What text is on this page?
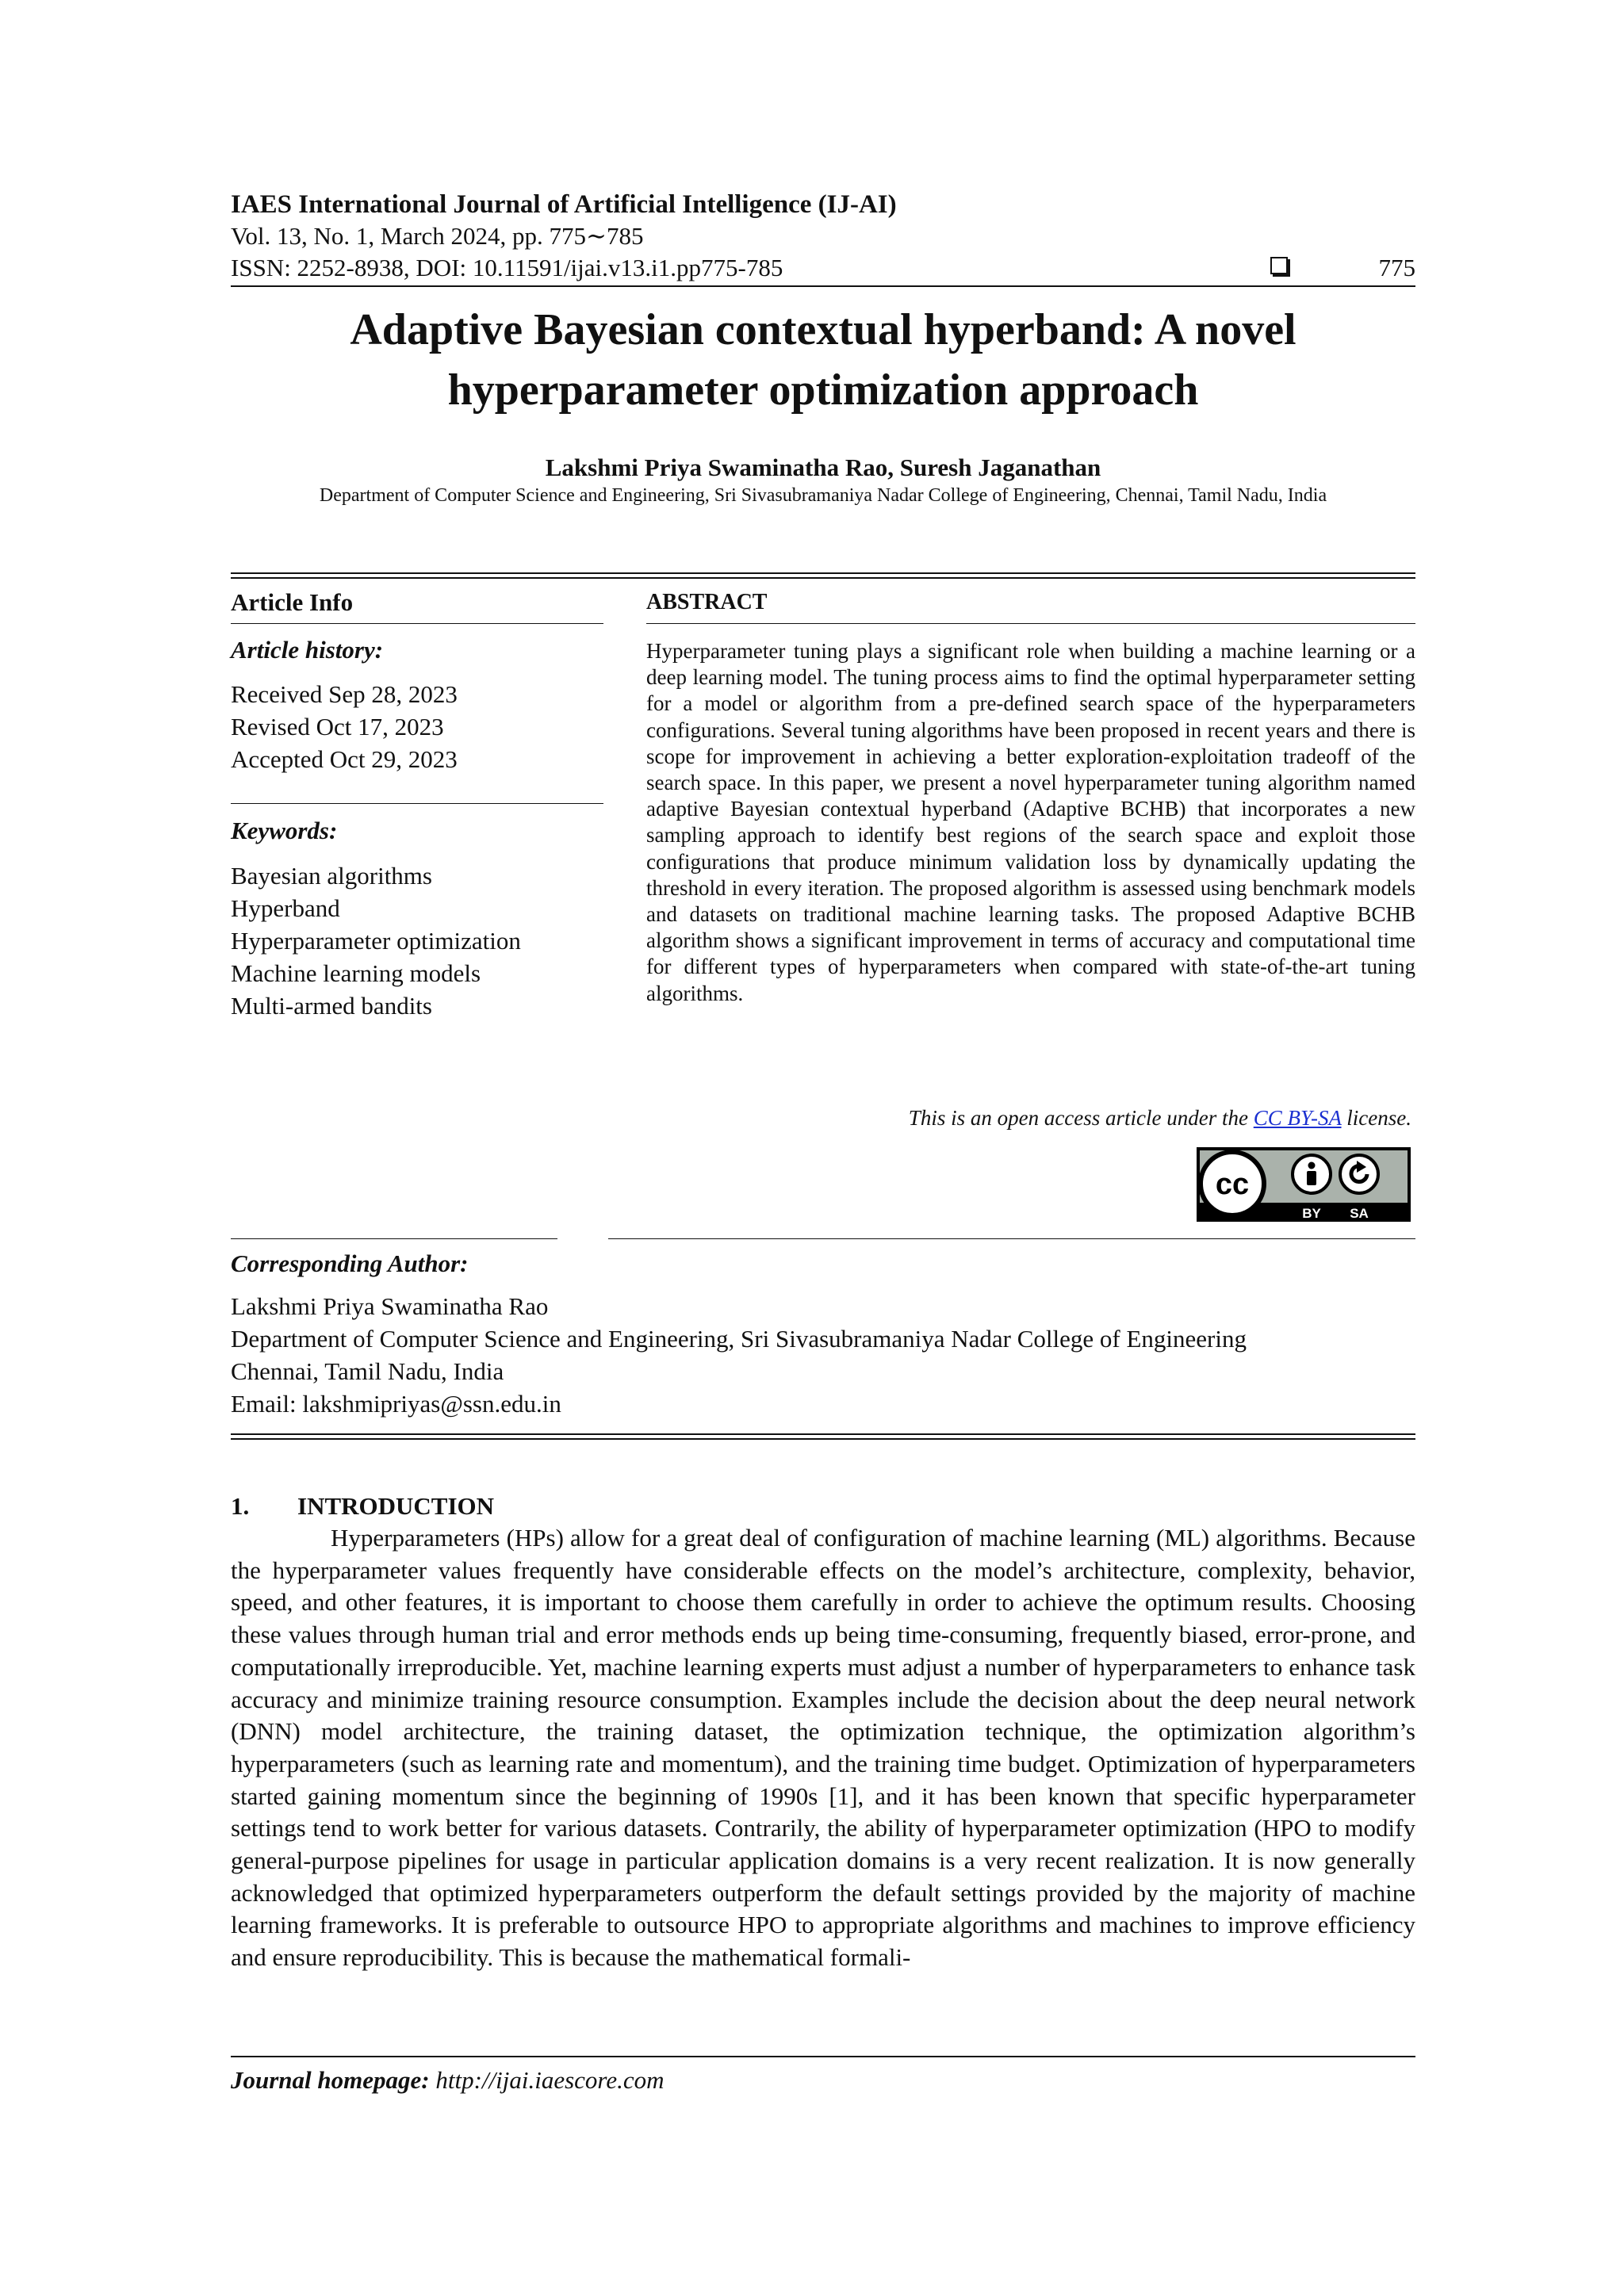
IAES International Journal of Artificial Intelligence (IJ-AI)
Vol. 13, No. 1, March 2024, pp. 775∼785
ISSN: 2252-8938, DOI: 10.11591/ijai.v13.i1.pp775-785	775
Adaptive Bayesian contextual hyperband: A novel hyperparameter optimization approach
Lakshmi Priya Swaminatha Rao, Suresh Jaganathan
Department of Computer Science and Engineering, Sri Sivasubramaniya Nadar College of Engineering, Chennai, Tamil Nadu, India
Article Info
Article history:
Received Sep 28, 2023
Revised Oct 17, 2023
Accepted Oct 29, 2023
Keywords:
Bayesian algorithms
Hyperband
Hyperparameter optimization
Machine learning models
Multi-armed bandits
ABSTRACT
Hyperparameter tuning plays a significant role when building a machine learning or a deep learning model. The tuning process aims to find the optimal hyperparameter setting for a model or algorithm from a pre-defined search space of the hyperparameters configurations. Several tuning algorithms have been proposed in recent years and there is scope for improvement in achieving a better exploration-exploitation tradeoff of the search space. In this paper, we present a novel hyperparameter tuning algorithm named adaptive Bayesian contextual hyperband (Adaptive BCHB) that incorporates a new sampling approach to identify best regions of the search space and exploit those configurations that produce minimum validation loss by dynamically updating the threshold in every iteration. The proposed algorithm is assessed using benchmark models and datasets on traditional machine learning tasks. The proposed Adaptive BCHB algorithm shows a significant improvement in terms of accuracy and computational time for different types of hyperparameters when compared with state-of-the-art tuning algorithms.
This is an open access article under the CC BY-SA license.
cc
BY SA
Corresponding Author:
Lakshmi Priya Swaminatha Rao
Department of Computer Science and Engineering, Sri Sivasubramaniya Nadar College of Engineering
Chennai, Tamil Nadu, India
Email: lakshmipriyas@ssn.edu.in
1. INTRODUCTION
Hyperparameters (HPs) allow for a great deal of configuration of machine learning (ML) algorithms. Because the hyperparameter values frequently have considerable effects on the model’s architecture, complexity, behavior, speed, and other features, it is important to choose them carefully in order to achieve the optimum results. Choosing these values through human trial and error methods ends up being time-consuming, frequently biased, error-prone, and computationally irreproducible. Yet, machine learning experts must adjust a number of hyperparameters to enhance task accuracy and minimize training resource consumption. Examples include the decision about the deep neural network (DNN) model architecture, the training dataset, the optimization technique, the optimization algorithm’s hyperparameters (such as learning rate and momentum), and the training time budget. Optimization of hyperparameters started gaining momentum since the beginning of 1990s [1], and it has been known that specific hyperparameter settings tend to work better for various datasets. Contrarily, the ability of hyperparameter optimization (HPO to modify general-purpose pipelines for usage in particular application domains is a very recent realization. It is now generally acknowledged that optimized hyperparameters outperform the default settings provided by the majority of machine learning frameworks. It is preferable to outsource HPO to appropriate algorithms and machines to improve efficiency and ensure reproducibility. This is because the mathematical formali-
Journal homepage: http://ijai.iaescore.com
